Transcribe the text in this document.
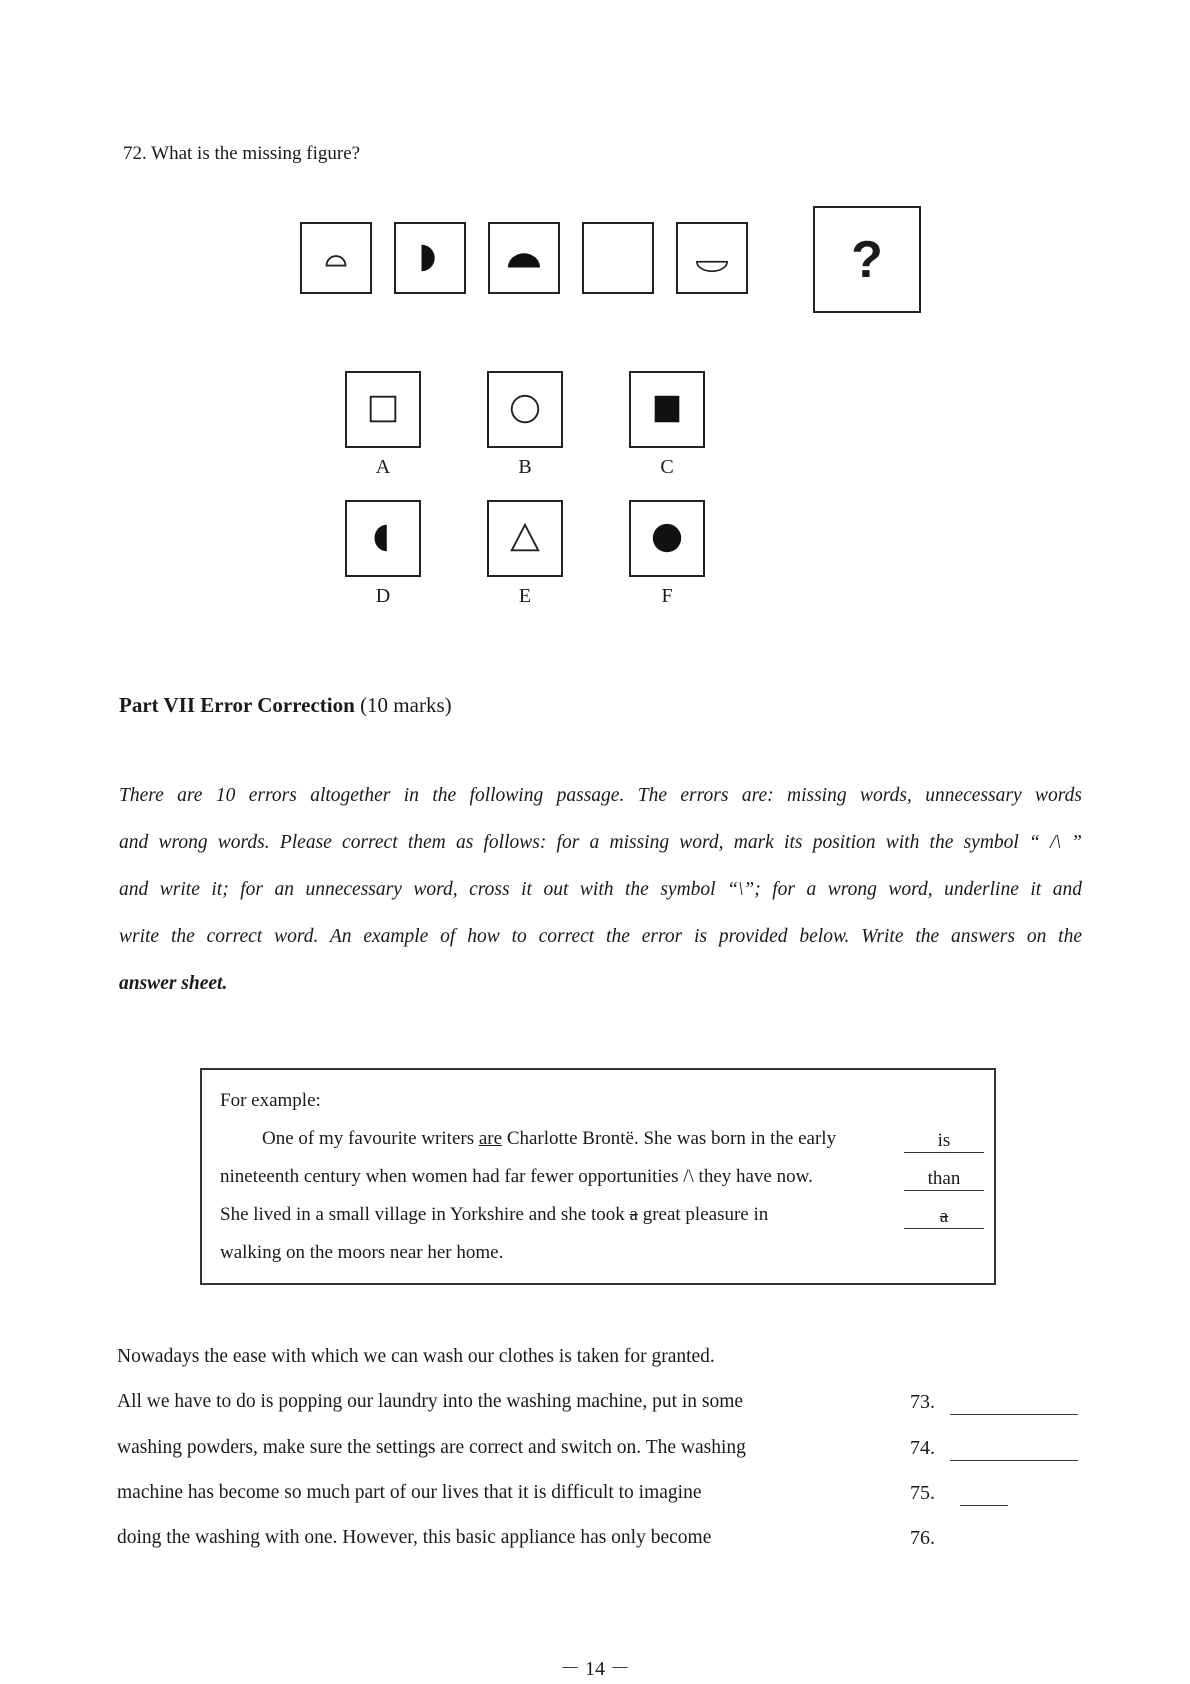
72. What is the missing figure?
?
A	B	C
D	E	F
Part VII Error Correction (10 marks)

There are 10 errors altogether in the following passage. The errors are: missing words, unnecessary words

and wrong words. Please correct them as follows: for a missing word, mark its position with the symbol “ /\ ”

and write it; for an unnecessary word, cross it out with the symbol “\”; for a wrong word, underline it and

write the correct word. An example of how to correct the error is provided below. Write the answers on the

answer sheet.

For example:
One of my favourite writers are Charlotte Brontë. She was born in the early
nineteenth century when women had far fewer opportunities /\ they have now.
She lived in a small village in Yorkshire and she took a great pleasure in
walking on the moors near her home.
is
than
a
Nowadays the ease with which we can wash our clothes is taken for granted.
All we have to do is popping our laundry into the washing machine, put in some
washing powders, make sure the settings are correct and switch on. The washing
machine has become so much part of our lives that it is difficult to imagine
doing the washing with one. However, this basic appliance has only become
73.
74.
75.
76.
－ 14 －
